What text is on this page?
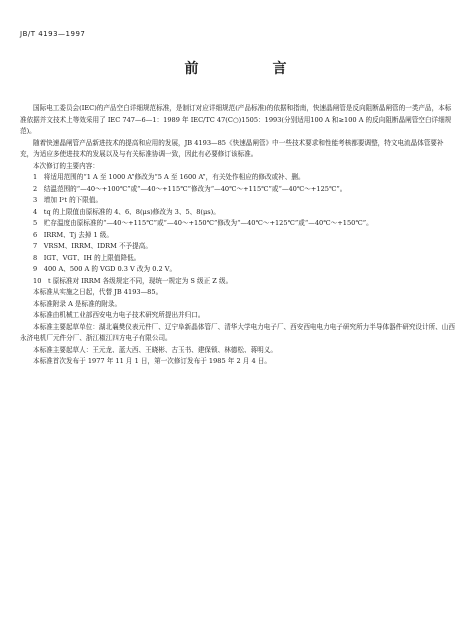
JB/T 4193—1997
前　言

国际电工委员会(IEC)的产品空白详细规范标准，是制订对应详细规范(产品标准)的依据和指南，快速晶闸管是反向阻断晶闸管的一类产品，本标准依据并文技术上等效采用了 IEC 747—6—1：1989 年 IEC/TC 47(C○)1505：1993(分别适用100 A 和≥100 A 的反向阻断晶闸管空白详细规范)。

随着快速晶闸管产品新进技术的提高和应用的发展，JB 4193—85《快速晶闸管》中一些技术要求和性能考核都要调整，特文电流晶体管要补充，为适应多使进技术的发展以及与有关标准协调一致，因此有必要修订该标准。

本次修订的主要内容：

1　将适用范围的“1 A 至 1000 A”修改为“5 A 至 1600 A”，有关处作相应的修改或补、删。

2　结温范围的“—40～+100℃”或“—40～+115℃”修改为“—40℃～+115℃”或“—40℃～+125℃”。

3　增加 I²t 的下限值。

4　tq 的上限值由原标准的 4、6、8(μs)修改为 3、5、8(μs)。

5　贮存温度由原标准的“—40～+115℃”或“—40～+150℃”修改为“—40℃～+125℃”或“—40℃～+150℃”。

6　IRRM、Tj 去掉 1 级。

7　VRSM、IRRM、IDRM 不予提高。

8　IGT、VGT、IH 的上限值降低。

9　400 A、500 A 的 VGD 0.3 V 改为 0.2 V。

10　t 原标准对 IRRM 各级规定不同，现统一规定为 S 级正 Z 级。

本标准从实施之日起，代替 JB 4193—85。

本标准附录 A 是标准的附录。

本标准由机械工业部西安电力电子技术研究所提出并归口。

本标准主要起草单位：湖北襄樊仪表元件厂、辽宁阜新晶体管厂、清华大学电力电子厂、西安西电电力电子研究所力半导体器件研究设计所、山西永济电机厂元件分厂、浙江椒江四方电子有限公司。

本标准主要起草人：王元龙、蓝大西、王晓彬、古玉书、建保锁、林德松、蒋明义。

本标准首次发布于 1977 年 11 月 1 日，第一次修订发布于 1985 年 2 月 4 日。
